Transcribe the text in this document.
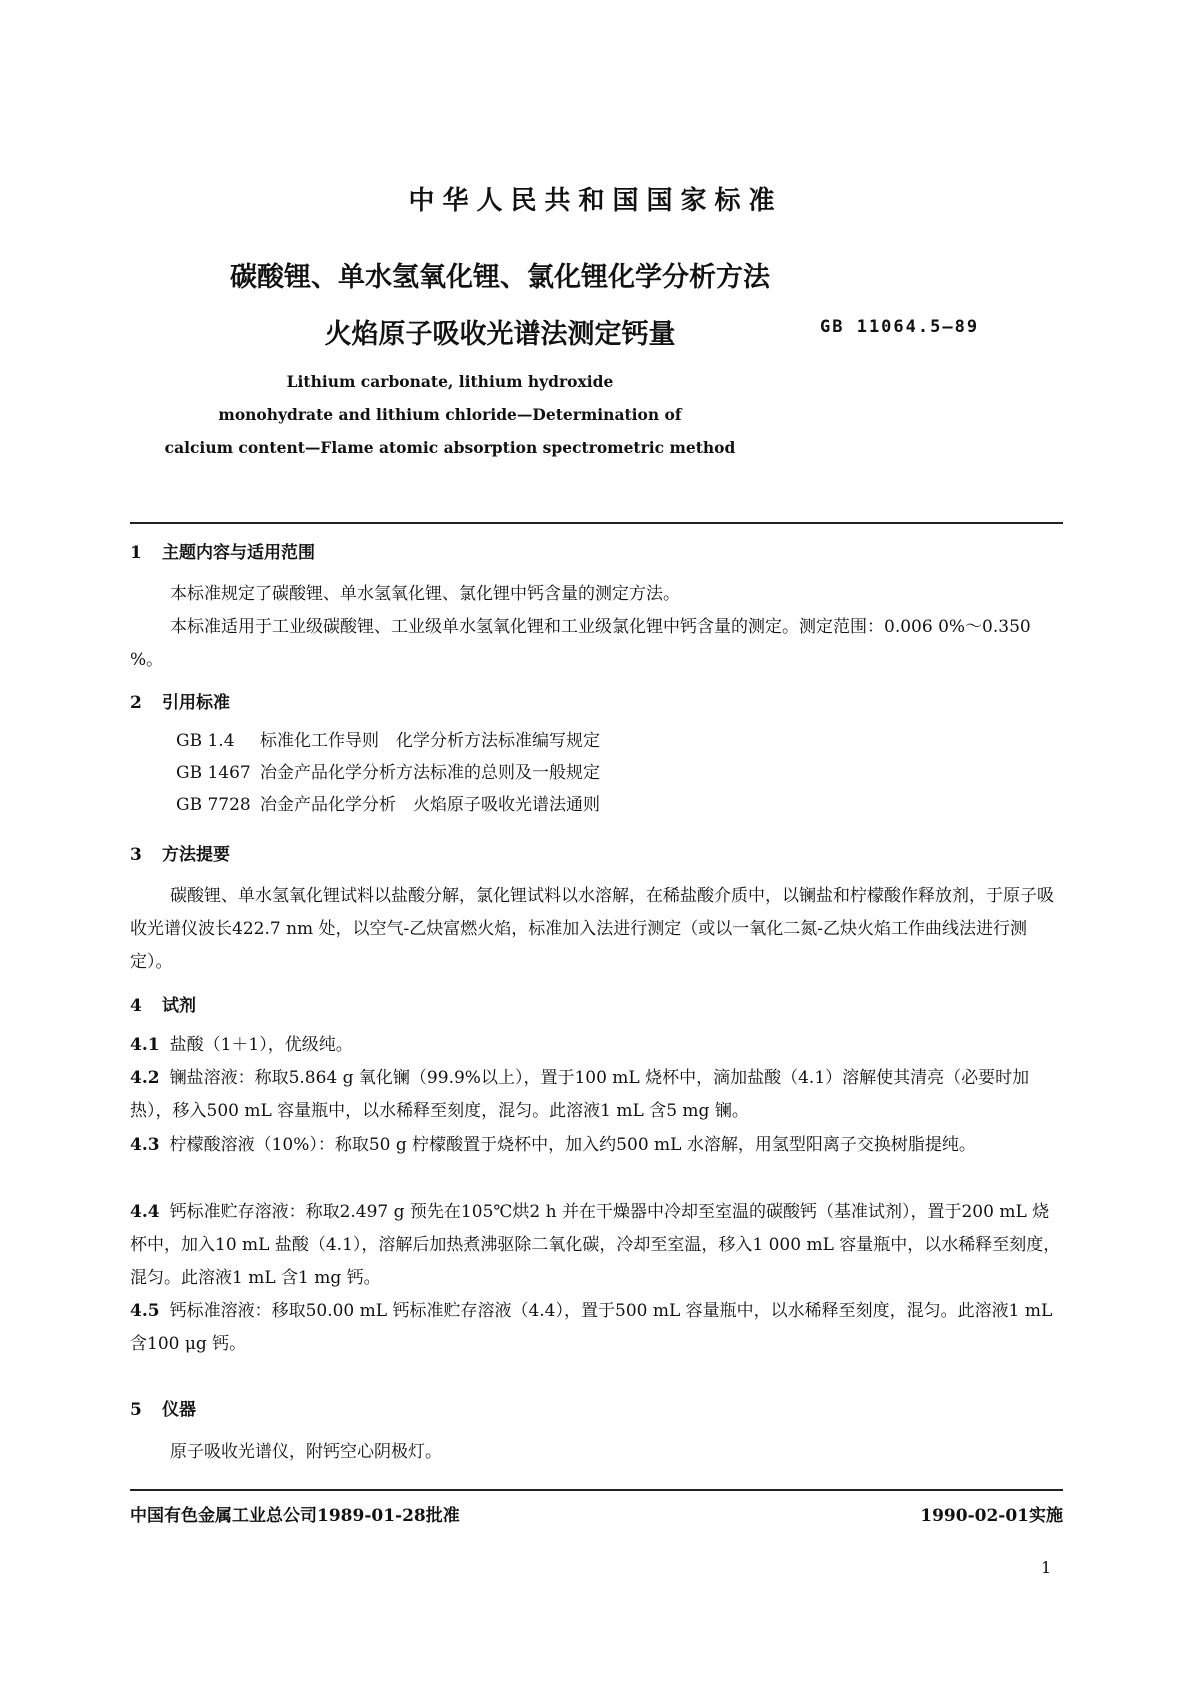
中华人民共和国国家标准
碳酸锂、单水氢氧化锂、氯化锂化学分析方法
火焰原子吸收光谱法测定钙量	GB 11064.5—89
Lithium carbonate, lithium hydroxide
monohydrate and lithium chloride—Determination of
calcium content—Flame atomic absorption spectrometric method
1 主题内容与适用范围
本标准规定了碳酸锂、单水氢氧化锂、氯化锂中钙含量的测定方法。
本标准适用于工业级碳酸锂、工业级单水氢氧化锂和工业级氯化锂中钙含量的测定。测定范围：0.006 0%～0.350 %。
2 引用标准
GB 1.4 标准化工作导则　化学分析方法标准编写规定
GB 1467 冶金产品化学分析方法标准的总则及一般规定
GB 7728 冶金产品化学分析　火焰原子吸收光谱法通则
3 方法提要
碳酸锂、单水氢氧化锂试料以盐酸分解，氯化锂试料以水溶解，在稀盐酸介质中，以镧盐和柠檬酸作释放剂，于原子吸收光谱仪波长422.7 nm 处，以空气-乙炔富燃火焰，标准加入法进行测定（或以一氧化二氮-乙炔火焰工作曲线法进行测定）。
4 试剂
4.1 盐酸（1＋1），优级纯。
4.2 镧盐溶液：称取5.864 g 氧化镧（99.9%以上），置于100 mL 烧杯中，滴加盐酸（4.1）溶解使其清亮（必要时加热），移入500 mL 容量瓶中，以水稀释至刻度，混匀。此溶液1 mL 含5 mg 镧。
4.3 柠檬酸溶液（10%）：称取50 g 柠檬酸置于烧杯中，加入约500 mL 水溶解，用氢型阳离子交换树脂提纯。
4.4 钙标准贮存溶液：称取2.497 g 预先在105℃烘2 h 并在干燥器中冷却至室温的碳酸钙（基准试剂），置于200 mL 烧杯中，加入10 mL 盐酸（4.1），溶解后加热煮沸驱除二氧化碳，冷却至室温，移入1 000 mL 容量瓶中，以水稀释至刻度，混匀。此溶液1 mL 含1 mg 钙。
4.5 钙标准溶液：移取50.00 mL 钙标准贮存溶液（4.4），置于500 mL 容量瓶中，以水稀释至刻度，混匀。此溶液1 mL 含100 μg 钙。
5 仪器
原子吸收光谱仪，附钙空心阴极灯。
中国有色金属工业总公司1989-01-28批准	1990-02-01实施
1
